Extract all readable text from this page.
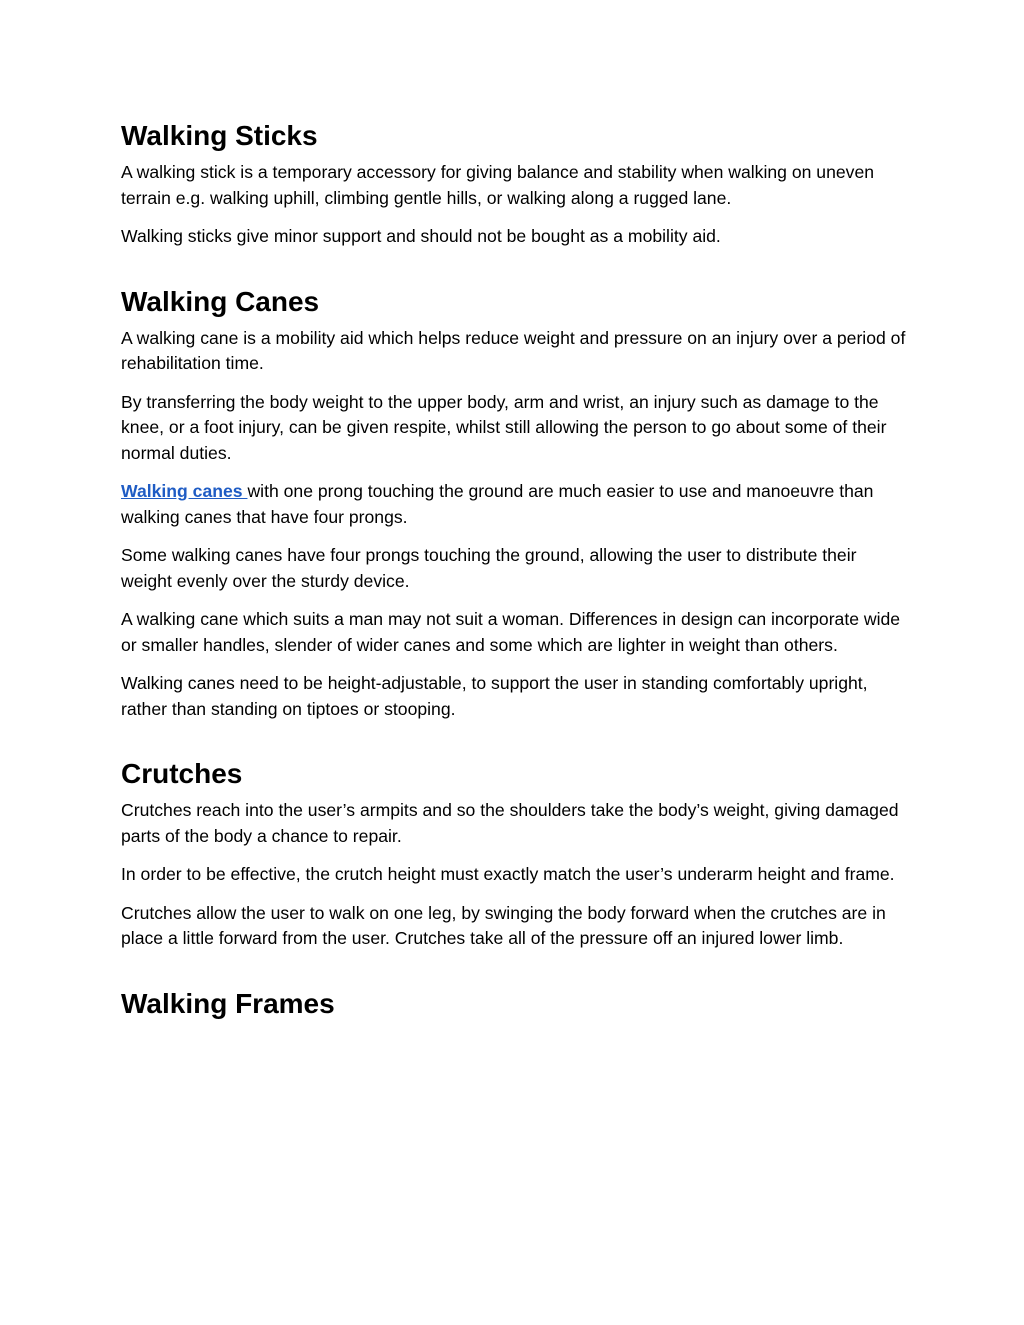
Walking Sticks

A walking stick is a temporary accessory for giving balance and stability when walking on uneven terrain e.g. walking uphill, climbing gentle hills, or walking along a rugged lane.

Walking sticks give minor support and should not be bought as a mobility aid.

Walking Canes

A walking cane is a mobility aid which helps reduce weight and pressure on an injury over a period of rehabilitation time.

By transferring the body weight to the upper body, arm and wrist, an injury such as damage to the knee, or a foot injury, can be given respite, whilst still allowing the person to go about some of their normal duties.

Walking canes with one prong touching the ground are much easier to use and manoeuvre than walking canes that have four prongs.

Some walking canes have four prongs touching the ground, allowing the user to distribute their weight evenly over the sturdy device.

A walking cane which suits a man may not suit a woman. Differences in design can incorporate wide or smaller handles, slender of wider canes and some which are lighter in weight than others.

Walking canes need to be height-adjustable, to support the user in standing comfortably upright, rather than standing on tiptoes or stooping.

Crutches

Crutches reach into the user’s armpits and so the shoulders take the body’s weight, giving damaged parts of the body a chance to repair.

In order to be effective, the crutch height must exactly match the user’s underarm height and frame.

Crutches allow the user to walk on one leg, by swinging the body forward when the crutches are in place a little forward from the user. Crutches take all of the pressure off an injured lower limb.

Walking Frames
